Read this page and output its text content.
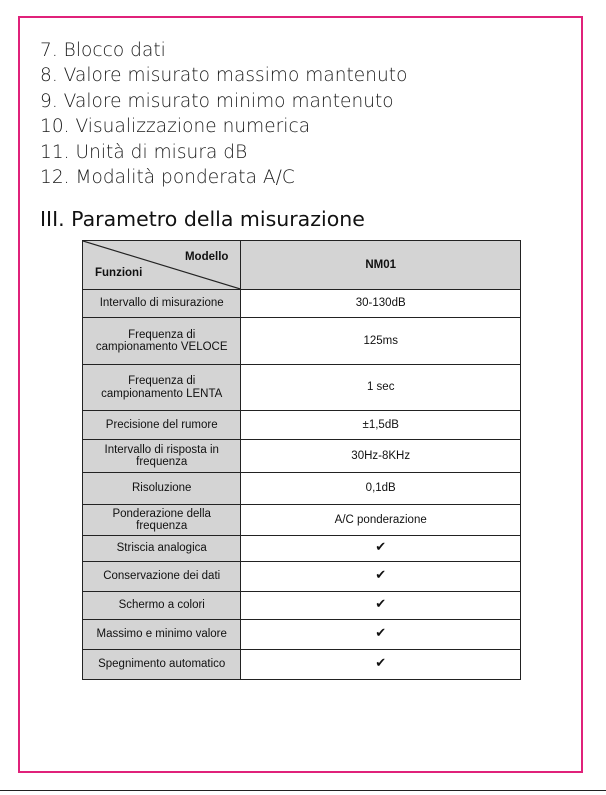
7. Blocco dati
8. Valore misurato massimo mantenuto
9. Valore misurato minimo mantenuto
10. Visualizzazione numerica
11. Unità di misura dB
12. Modalità ponderata A/C
III. Parametro della misurazione
Modello
Funzioni	NM01
Intervallo di misurazione	30-130dB
Frequenza di campionamento VELOCE	125ms
Frequenza di campionamento LENTA	1 sec
Precisione del rumore	±1,5dB
Intervallo di risposta in frequenza	30Hz-8KHz
Risoluzione	0,1dB
Ponderazione della frequenza	A/C ponderazione
Striscia analogica	✔
Conservazione dei dati	✔
Schermo a colori	✔
Massimo e minimo valore	✔
Spegnimento automatico	✔
